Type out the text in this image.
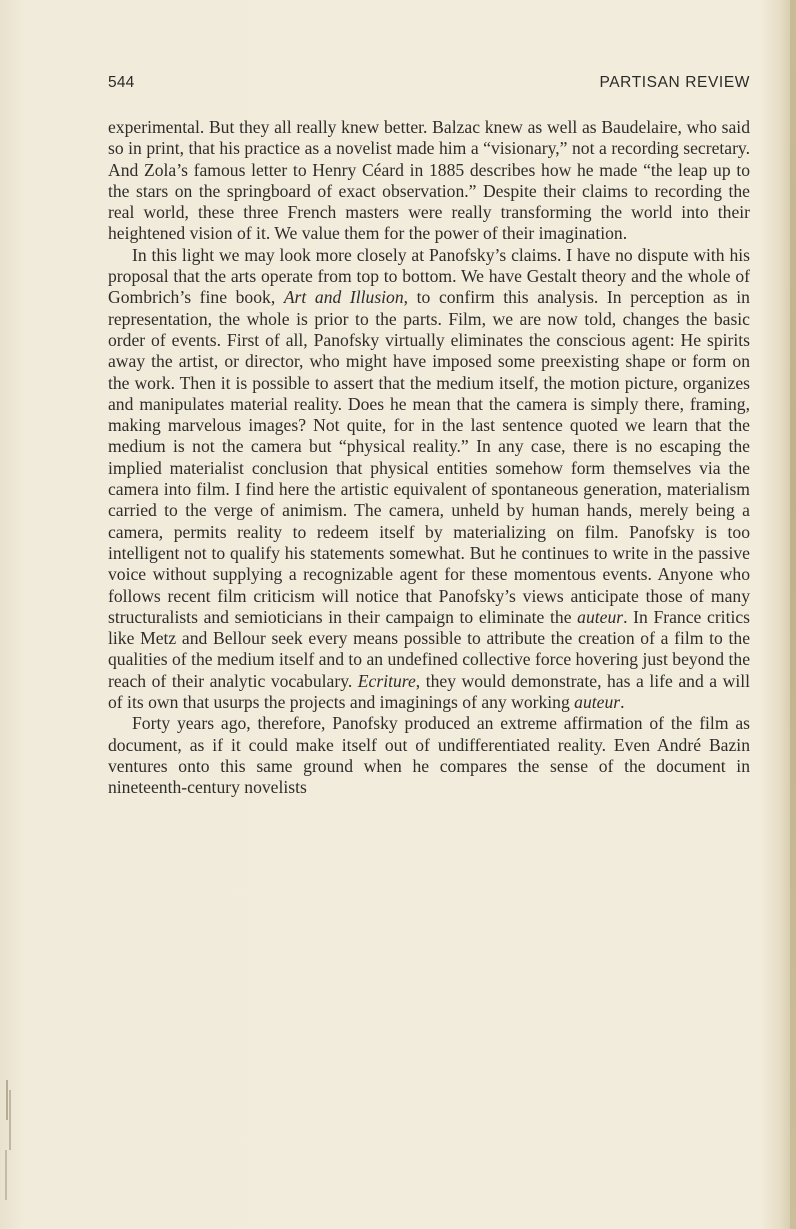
544	PARTISAN REVIEW

experimental. But they all really knew better. Balzac knew as well as Baudelaire, who said so in print, that his practice as a novelist made him a “visionary,” not a recording secretary. And Zola’s famous letter to Henry Céard in 1885 describes how he made “the leap up to the stars on the springboard of exact observation.” Despite their claims to recording the real world, these three French masters were really transforming the world into their heightened vision of it. We value them for the power of their imagination.

In this light we may look more closely at Panofsky’s claims. I have no dispute with his proposal that the arts operate from top to bottom. We have Gestalt theory and the whole of Gombrich’s fine book, Art and Illusion, to confirm this analysis. In perception as in representation, the whole is prior to the parts. Film, we are now told, changes the basic order of events. First of all, Panofsky virtually eliminates the conscious agent: He spirits away the artist, or director, who might have imposed some preexisting shape or form on the work. Then it is possible to assert that the medium itself, the motion picture, organizes and manipulates material reality. Does he mean that the camera is simply there, framing, making marvelous images? Not quite, for in the last sentence quoted we learn that the medium is not the camera but “physical reality.” In any case, there is no escaping the implied materialist conclusion that physical entities somehow form themselves via the camera into film. I find here the artistic equivalent of spontaneous generation, materialism carried to the verge of animism. The camera, unheld by human hands, merely being a camera, permits reality to redeem itself by materializing on film. Panofsky is too intelligent not to qualify his statements somewhat. But he continues to write in the passive voice without supplying a recognizable agent for these momentous events. Anyone who follows recent film criticism will notice that Panofsky’s views anticipate those of many structuralists and semioticians in their campaign to eliminate the auteur. In France critics like Metz and Bellour seek every means possible to attribute the creation of a film to the qualities of the medium itself and to an undefined collective force hovering just beyond the reach of their analytic vocabulary. Ecriture, they would demonstrate, has a life and a will of its own that usurps the projects and imaginings of any working auteur.

Forty years ago, therefore, Panofsky produced an extreme affirmation of the film as document, as if it could make itself out of undifferentiated reality. Even André Bazin ventures onto this same ground when he compares the sense of the document in nineteenth-century novelists
